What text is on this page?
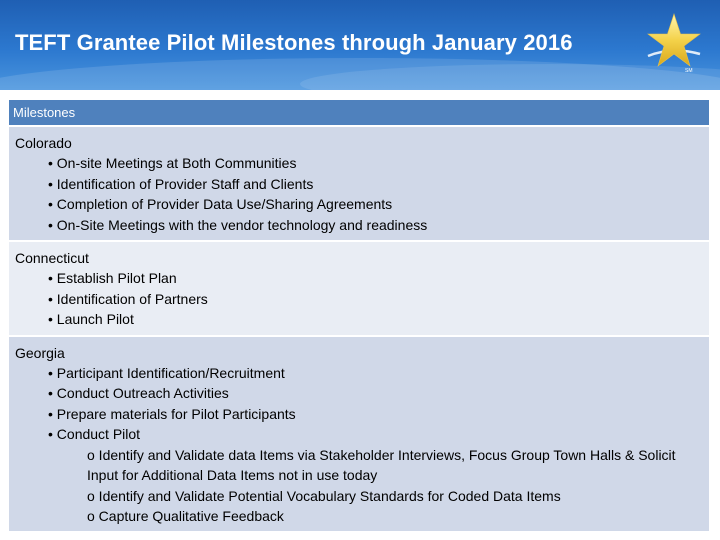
TEFT Grantee Pilot Milestones through January 2016
SM
Milestones
Colorado
• On-site Meetings at Both Communities
• Identification of Provider Staff and Clients
• Completion of Provider Data Use/Sharing Agreements
• On-Site Meetings with the vendor technology and readiness
Connecticut
• Establish Pilot Plan
• Identification of Partners
• Launch Pilot
Georgia
• Participant Identification/Recruitment
• Conduct Outreach Activities
• Prepare materials for Pilot Participants
• Conduct Pilot
o Identify and Validate data Items via Stakeholder Interviews, Focus Group Town Halls & Solicit Input for Additional Data Items not in use today
o Identify and Validate Potential Vocabulary Standards for Coded Data Items
o Capture Qualitative Feedback
